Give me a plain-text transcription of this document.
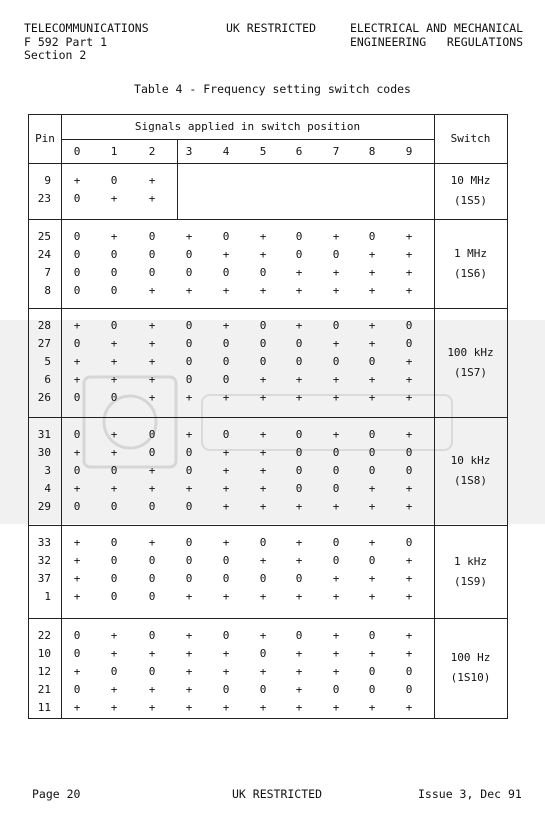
TELECOMMUNICATIONS
F 592 Part 1
Section 2
UK RESTRICTED	ELECTRICAL AND MECHANICAL
ENGINEERING   REGULATIONS
Table 4 - Frequency setting switch codes
Pin
Signals applied in switch position
Switch
0	1	2	3	4	5	6	7	8	9
9	+	0	+
23	0	+	+
10 MHz
(1S5)
25	0	+	0	+	0	+	0	+	0	+
24	0	0	0	0	+	+	0	0	+	+
7	0	0	0	0	0	0	+	+	+	+
8	0	0	+	+	+	+	+	+	+	+
1 MHz
(1S6)
28	+	0	+	0	+	0	+	0	+	0
27	0	+	+	0	0	0	0	+	+	0
5	+	+	+	0	0	0	0	0	0	+
6	+	+	+	0	0	+	+	+	+	+
26	0	0	+	+	+	+	+	+	+	+
100 kHz
(1S7)
31	0	+	0	+	0	+	0	+	0	+
30	+	+	0	0	+	+	0	0	0	0
3	0	0	+	0	+	+	0	0	0	0
4	+	+	+	+	+	+	0	0	+	+
29	0	0	0	0	+	+	+	+	+	+
10 kHz
(1S8)
33	+	0	+	0	+	0	+	0	+	0
32	+	0	0	0	0	+	+	0	0	+
37	+	0	0	0	0	0	0	+	+	+
1	+	0	0	+	+	+	+	+	+	+
1 kHz
(1S9)
22	0	+	0	+	0	+	0	+	0	+
10	0	+	+	+	+	0	+	+	+	+
12	+	0	0	+	+	+	+	+	0	0
21	0	+	+	+	0	0	+	0	0	0
11	+	+	+	+	+	+	+	+	+	+
100 Hz
(1S10)
Page 20	UK RESTRICTED	Issue 3, Dec 91
